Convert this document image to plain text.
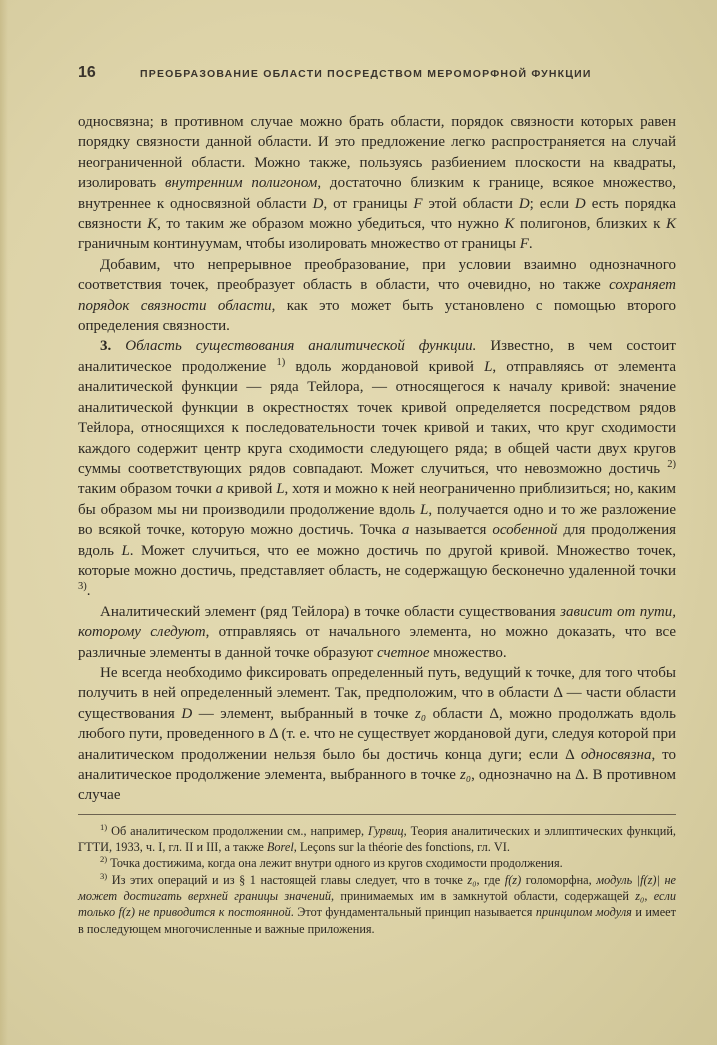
16	ПРЕОБРАЗОВАНИЕ ОБЛАСТИ ПОСРЕДСТВОМ МЕРОМОРФНОЙ ФУНКЦИИ

односвязна; в противном случае можно брать области, порядок связности которых равен порядку связности данной области. И это предложение легко распространяется на случай неограниченной области. Можно также, пользуясь разбиением плоскости на квадраты, изолировать внутренним полигоном, достаточно близким к границе, всякое множество, внутреннее к односвязной области D, от границы F этой области D; если D есть порядка связности K, то таким же образом можно убедиться, что нужно K полигонов, близких к K граничным континуумам, чтобы изолировать множество от границы F.

Добавим, что непрерывное преобразование, при условии взаимно однозначного соответствия точек, преобразует область в области, что очевидно, но также сохраняет порядок связности области, как это может быть установлено с помощью второго определения связности.

3. Область существования аналитической функции. Известно, в чем состоит аналитическое продолжение $^{1)}$ вдоль жордановой кривой L, отправляясь от элемента аналитической функции — ряда Тейлора, — относящегося к началу кривой: значение аналитической функции в окрестностях точек кривой определяется посредством рядов Тейлора, относящихся к последовательности точек кривой и таких, что круг сходимости каждого содержит центр круга сходимости следующего ряда; в общей части двух кругов суммы соответствующих рядов совпадают. Может случиться, что невозможно достичь $^{2)}$ таким образом точки a кривой L, хотя и можно к ней неограниченно приблизиться; но, каким бы образом мы ни производили продолжение вдоль L, получается одно и то же разложение во всякой точке, которую можно достичь. Точка a называется особенной для продолжения вдоль L. Может случиться, что ее можно достичь по другой кривой. Множество точек, которые можно достичь, представляет область, не содержащую бесконечно удаленной точки $^{3)}$.

Аналитический элемент (ряд Тейлора) в точке области существования зависит от пути, которому следуют, отправляясь от начального элемента, но можно доказать, что все различные элементы в данной точке образуют счетное множество.

Не всегда необходимо фиксировать определенный путь, ведущий к точке, для того чтобы получить в ней определенный элемент. Так, предположим, что в области Δ — части области существования D — элемент, выбранный в точке z₀ области Δ, можно продолжать вдоль любого пути, проведенного в Δ (т. е. что не существует жордановой дуги, следуя которой при аналитическом продолжении нельзя было бы достичь конца дуги; если Δ односвязна, то аналитическое продолжение элемента, выбранного в точке z₀, однозначно на Δ. В противном случае

$^{1)}$ Об аналитическом продолжении см., например, Гурвиц, Теория аналитических и эллиптических функций, ГТТИ, 1933, ч. I, гл. II и III, а также Borel, Leçons sur la théorie des fonctions, гл. VI.

$^{2)}$ Точка достижима, когда она лежит внутри одного из кругов сходимости продолжения.

$^{3)}$ Из этих операций и из § 1 настоящей главы следует, что в точке z₀, где f(z) голоморфна, модуль |f(z)| не может достигать верхней границы значений, принимаемых им в замкнутой области, содержащей z₀, если только f(z) не приводится к постоянной. Этот фундаментальный принцип называется принципом модуля и имеет в последующем многочисленные и важные приложения.
